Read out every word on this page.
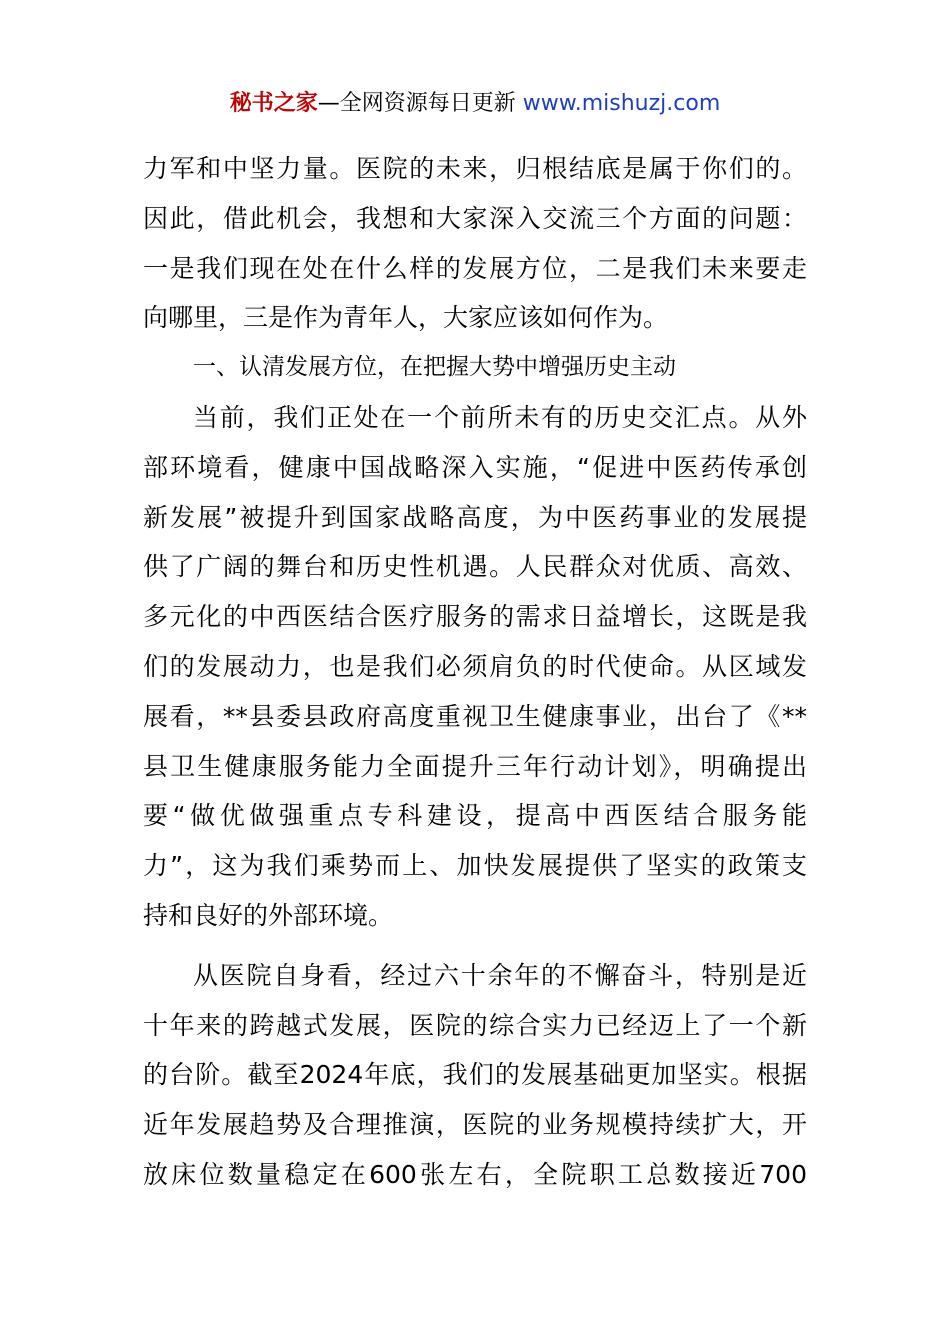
秘书之家—全网资源每日更新 www.mishuzj.com
力军和中坚力量。医院的未来，归根结底是属于你们的。
因此，借此机会，我想和大家深入交流三个方面的问题：
一是我们现在处在什么样的发展方位，二是我们未来要走
向哪里，三是作为青年人，大家应该如何作为。
一、认清发展方位，在把握大势中增强历史主动
当前，我们正处在一个前所未有的历史交汇点。从外
部环境看，健康中国战略深入实施，“促进中医药传承创
新发展”被提升到国家战略高度，为中医药事业的发展提
供了广阔的舞台和历史性机遇。人民群众对优质、高效、
多元化的中西医结合医疗服务的需求日益增长，这既是我
们的发展动力，也是我们必须肩负的时代使命。从区域发
展看，**县委县政府高度重视卫生健康事业，出台了《**
县卫生健康服务能力全面提升三年行动计划》，明确提出
要“做优做强重点专科建设，提高中西医结合服务能
力”，这为我们乘势而上、加快发展提供了坚实的政策支
持和良好的外部环境。
从医院自身看，经过六十余年的不懈奋斗，特别是近
十年来的跨越式发展，医院的综合实力已经迈上了一个新
的台阶。截至2024年底，我们的发展基础更加坚实。根据
近年发展趋势及合理推演，医院的业务规模持续扩大，开
放床位数量稳定在600张左右，全院职工总数接近700
